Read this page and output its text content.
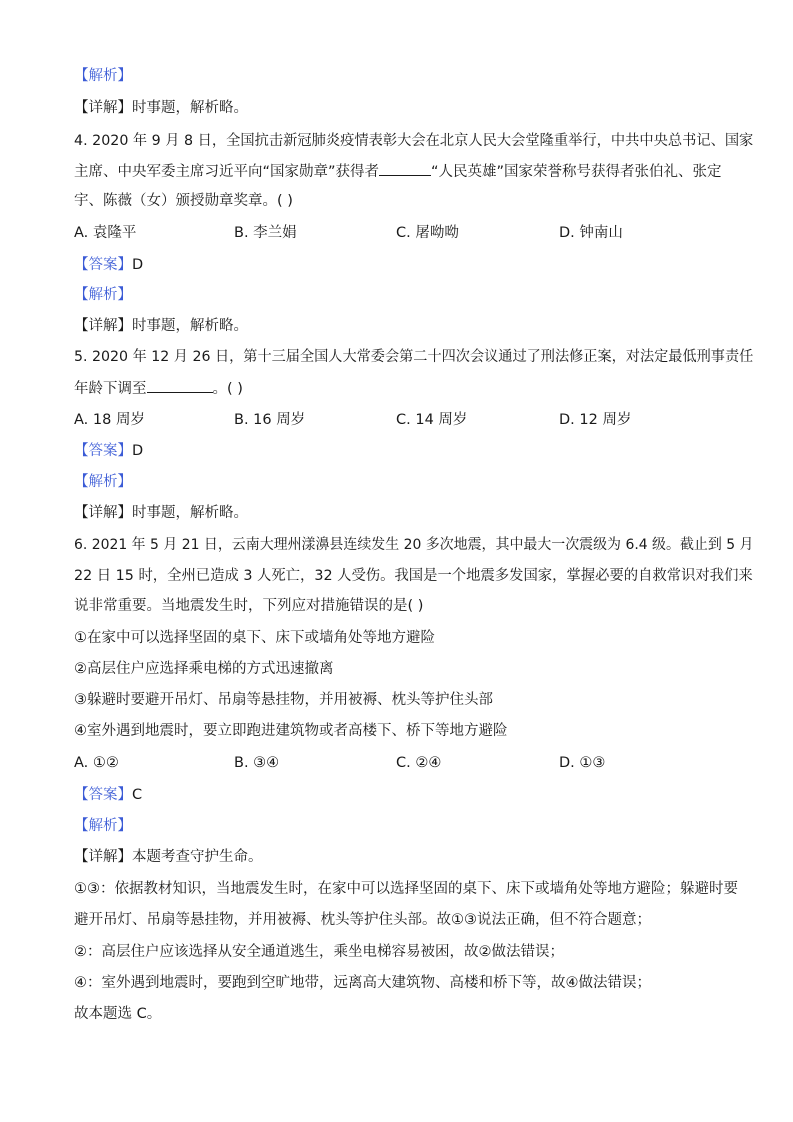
【解析】
【详解】时事题，解析略。
4. 2020 年 9 月 8 日，全国抗击新冠肺炎疫情表彰大会在北京人民大会堂隆重举行，中共中央总书记、国家
主席、中央军委主席习近平向“国家勋章”获得者	“人民英雄”国家荣誉称号获得者张伯礼、张定
宇、陈薇（女）颁授勋章奖章。( )
A. 袁隆平	B. 李兰娟	C. 屠呦呦	D. 钟南山
【答案】D
【解析】
【详解】时事题，解析略。
5. 2020 年 12 月 26 日，第十三届全国人大常委会第二十四次会议通过了刑法修正案，对法定最低刑事责任
年龄下调至	。( )
A. 18 周岁	B. 16 周岁	C. 14 周岁	D. 12 周岁
【答案】D
【解析】
【详解】时事题，解析略。
6. 2021 年 5 月 21 日，云南大理州漾濞县连续发生 20 多次地震，其中最大一次震级为 6.4 级。截止到 5 月
22 日 15 时，全州已造成 3 人死亡，32 人受伤。我国是一个地震多发国家，掌握必要的自救常识对我们来
说非常重要。当地震发生时，下列应对措施错误的是( )
①在家中可以选择坚固的桌下、床下或墙角处等地方避险
②高层住户应选择乘电梯的方式迅速撤离
③躲避时要避开吊灯、吊扇等悬挂物，并用被褥、枕头等护住头部
④室外遇到地震时，要立即跑进建筑物或者高楼下、桥下等地方避险
A. ①②	B. ③④	C. ②④	D. ①③
【答案】C
【解析】
【详解】本题考查守护生命。
①③：依据教材知识，当地震发生时，在家中可以选择坚固的桌下、床下或墙角处等地方避险；躲避时要
避开吊灯、吊扇等悬挂物，并用被褥、枕头等护住头部。故①③说法正确，但不符合题意；
②：高层住户应该选择从安全通道逃生，乘坐电梯容易被困，故②做法错误；
④：室外遇到地震时，要跑到空旷地带，远离高大建筑物、高楼和桥下等，故④做法错误；
故本题选 C。
